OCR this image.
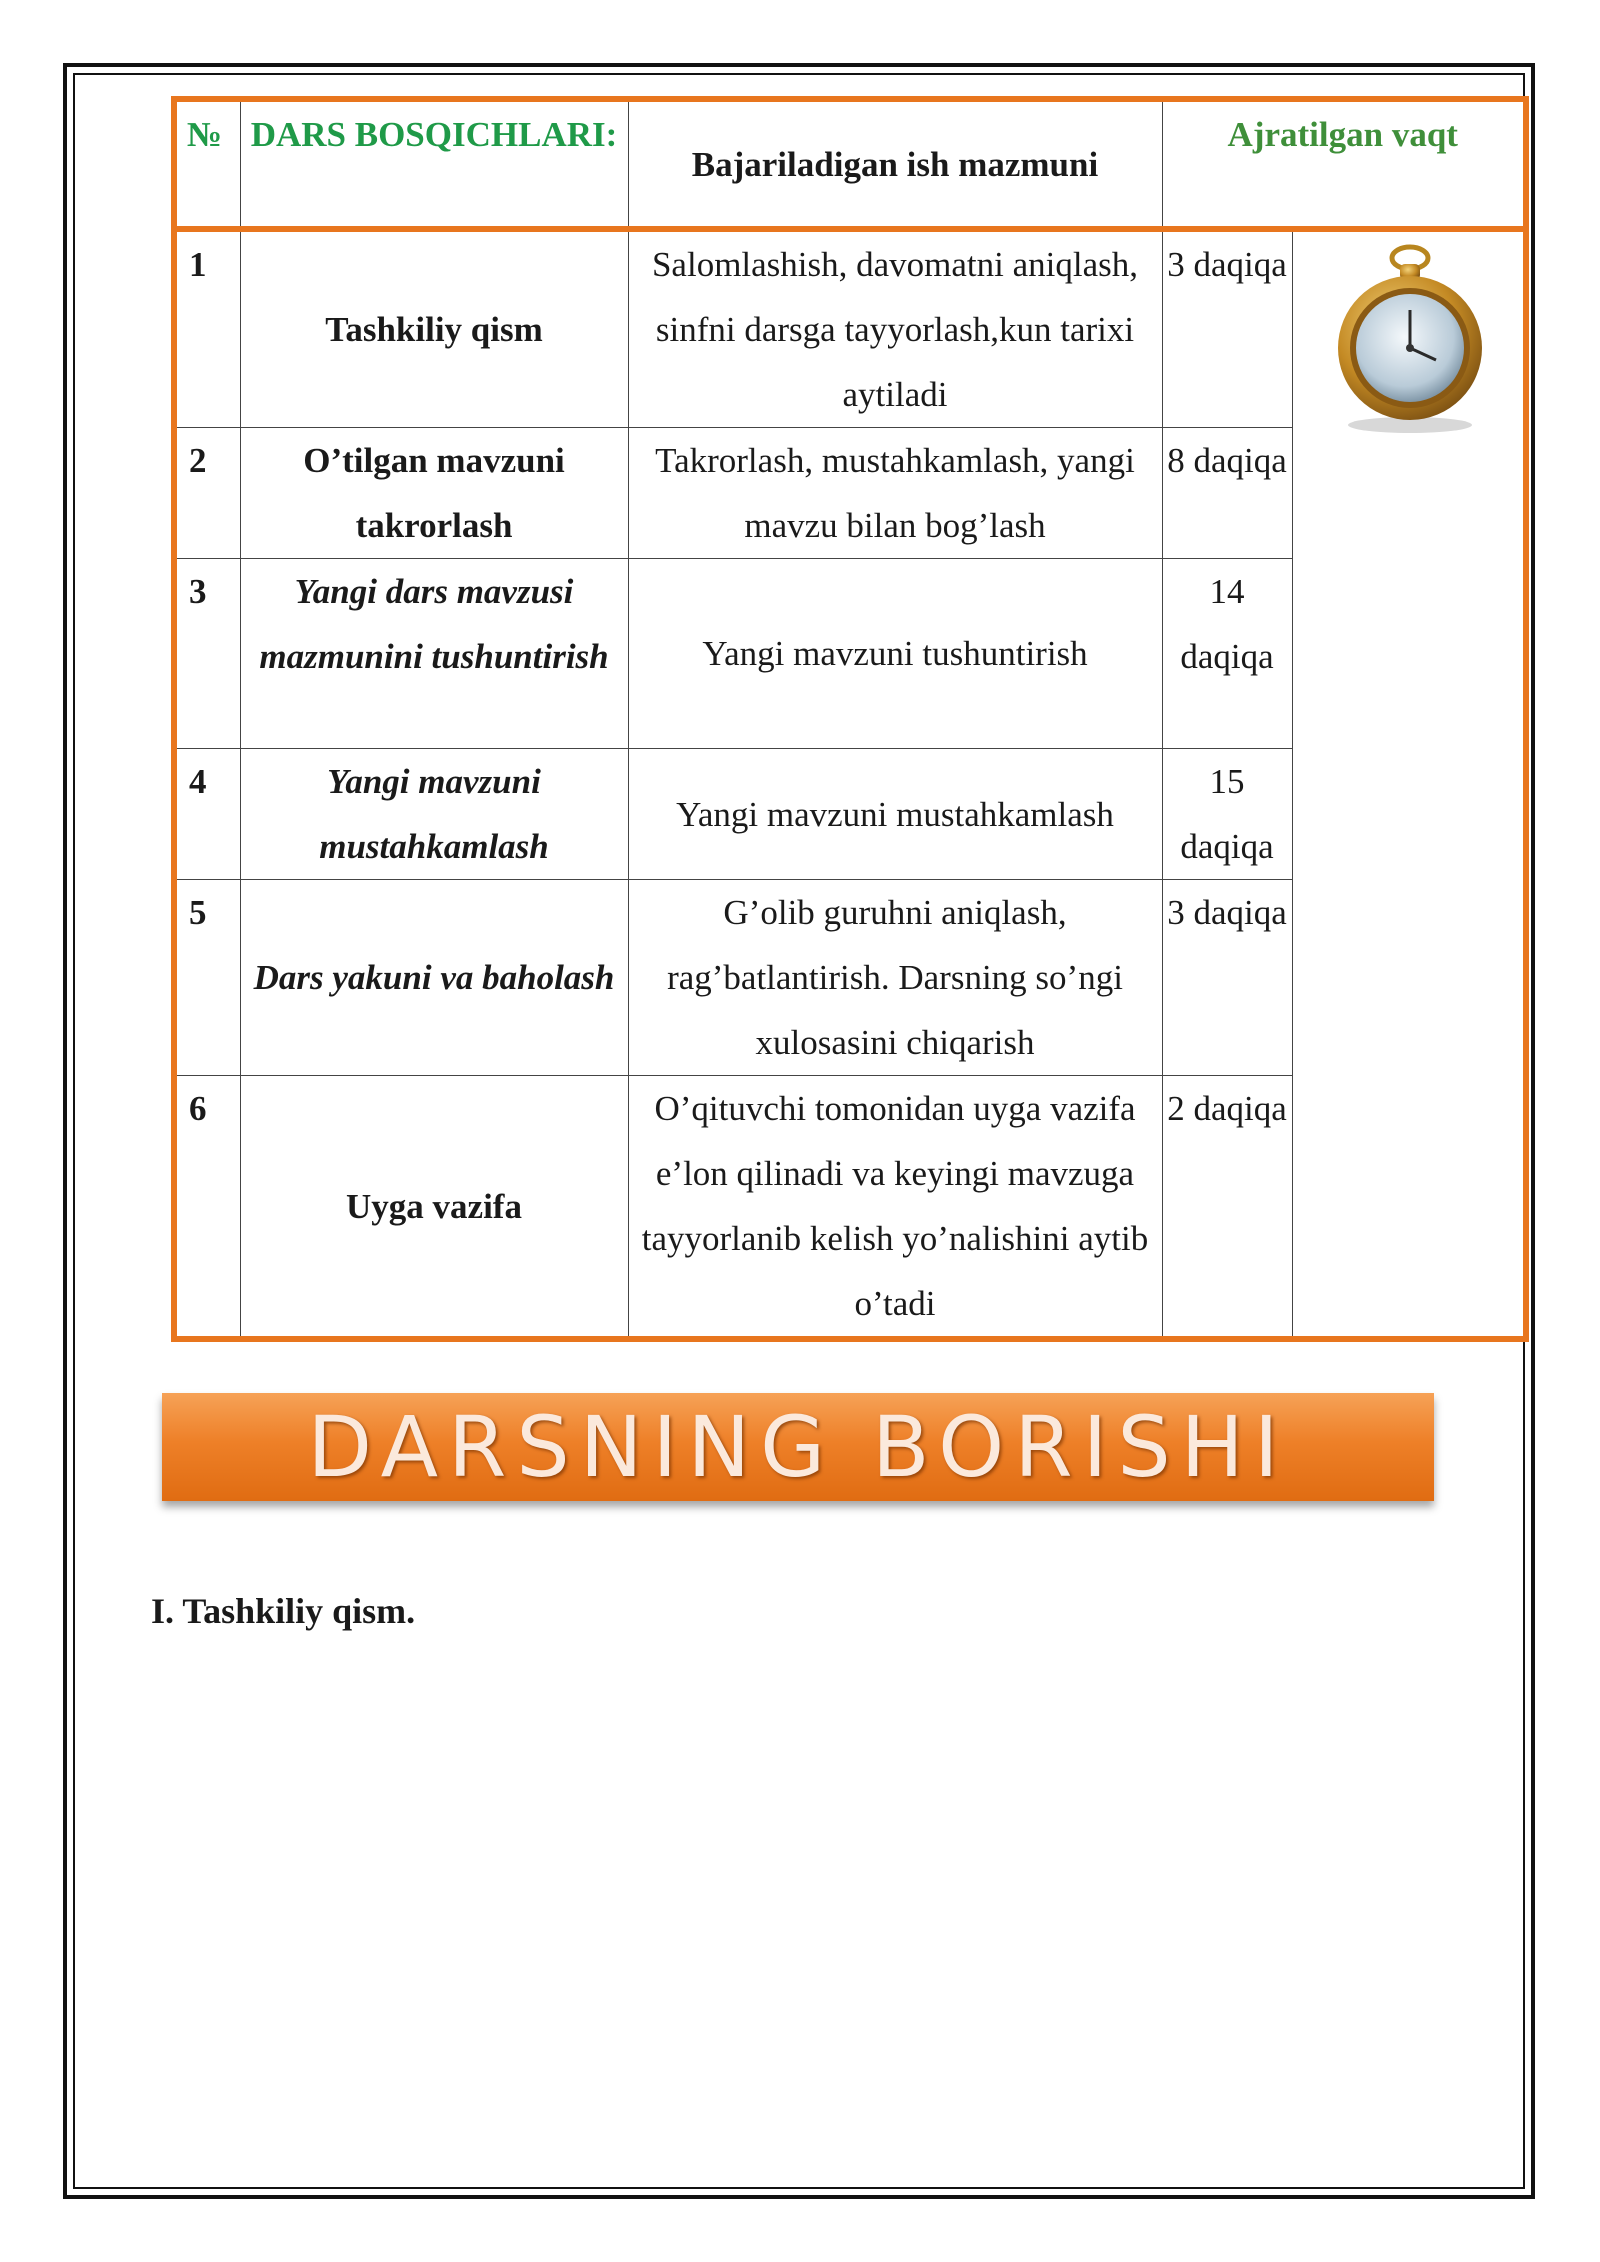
№	DARS BOSQICHLARI:	Bajariladigan ish mazmuni	Ajratilgan vaqt	
1	Tashkiliy qism	Salomlashish, davomatni aniqlash, sinfni darsga tayyorlash,kun tarixi aytiladi	3 daqiqa	

2	O’tilgan mavzuni takrorlash	Takrorlash, mustahkamlash, yangi mavzu bilan bog’lash	8 daqiqa	
3	Yangi dars mavzusi mazmunini tushuntirish	Yangi mavzuni tushuntirish	14 daqiqa	
4	Yangi mavzuni mustahkamlash	Yangi mavzuni mustahkamlash	15 daqiqa	
5	Dars yakuni va baholash	G’olib guruhni aniqlash, rag’batlantirish. Darsning so’ngi xulosasini chiqarish	3 daqiqa	
6	Uyga vazifa	O’qituvchi tomonidan uyga vazifa e’lon qilinadi va keyingi mavzuga tayyorlanib kelish yo’nalishini aytib o’tadi	2 daqiqa	
DARSNING BORISHI
I. Tashkiliy qism.
